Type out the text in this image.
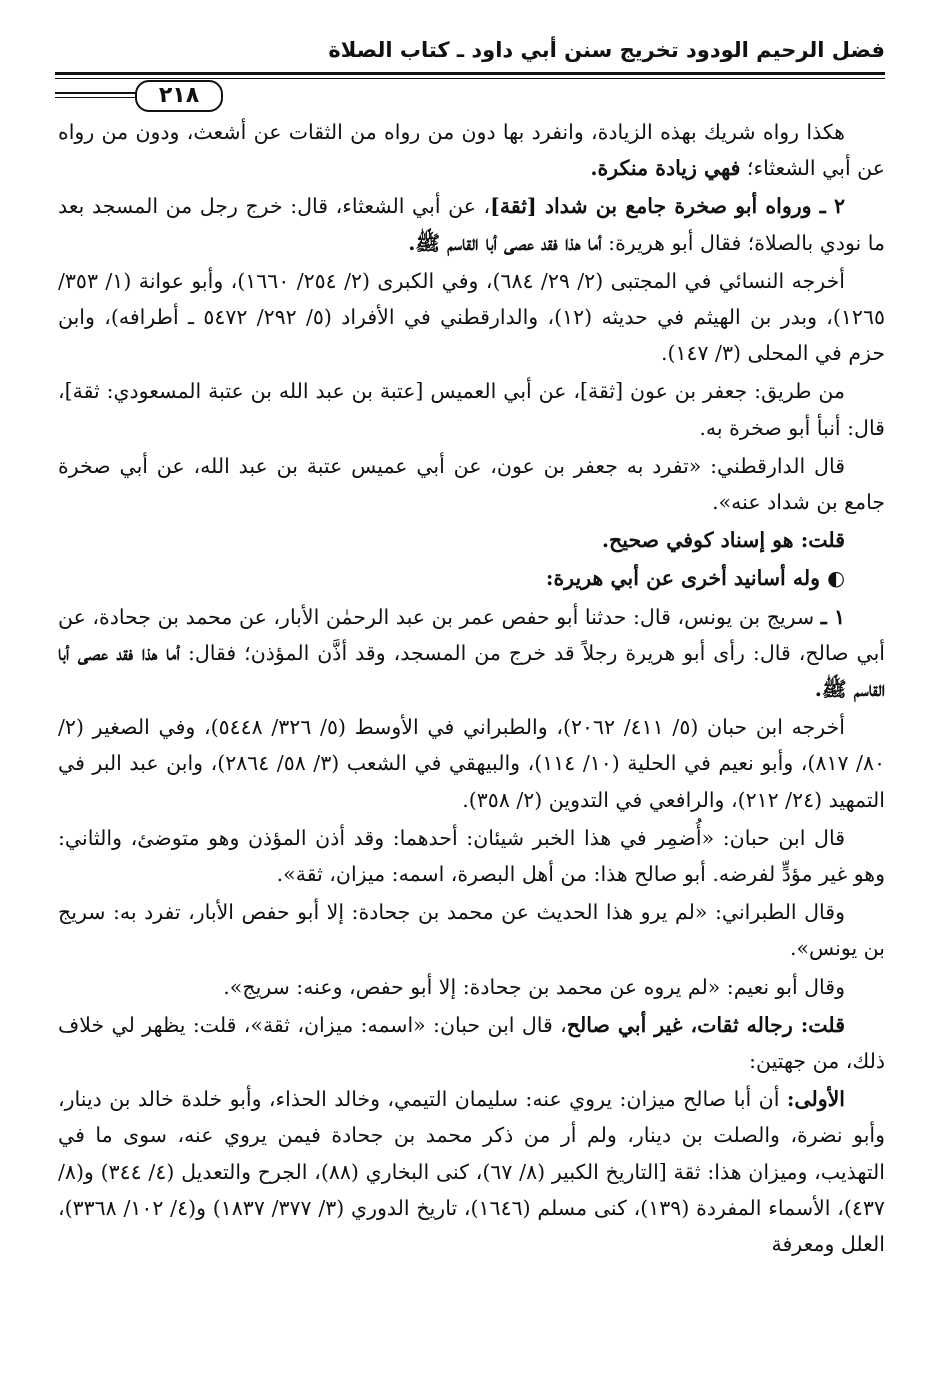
فضل الرحيم الودود تخريج سنن أبي داود ـ كتاب الصلاة
٢١٨

هكذا رواه شريك بهذه الزيادة، وانفرد بها دون من رواه من الثقات عن أشعث، ودون من رواه عن أبي الشعثاء؛ فهي زيادة منكرة.

٢ ـ ورواه أبو صخرة جامع بن شداد [ثقة]، عن أبي الشعثاء، قال: خرج رجل من المسجد بعد ما نودي بالصلاة؛ فقال أبو هريرة: أما هذا فقد عصى أبا القاسم ﷺ.

أخرجه النسائي في المجتبى (٢/ ٢٩/ ٦٨٤)، وفي الكبرى (٢/ ٢٥٤/ ١٦٦٠)، وأبو عوانة (١/ ٣٥٣/ ١٢٦٥)، وبدر بن الهيثم في حديثه (١٢)، والدارقطني في الأفراد (٥/ ٢٩٢/ ٥٤٧٢ ـ أطرافه)، وابن حزم في المحلى (٣/ ١٤٧).

من طريق: جعفر بن عون [ثقة]، عن أبي العميس [عتبة بن عبد الله بن عتبة المسعودي: ثقة]، قال: أنبأ أبو صخرة به.

قال الدارقطني: «تفرد به جعفر بن عون، عن أبي عميس عتبة بن عبد الله، عن أبي صخرة جامع بن شداد عنه».

قلت: هو إسناد كوفي صحيح.

◐ وله أسانيد أخرى عن أبي هريرة:

١ ـ سريج بن يونس، قال: حدثنا أبو حفص عمر بن عبد الرحمٰن الأبار، عن محمد بن جحادة، عن أبي صالح، قال: رأى أبو هريرة رجلاً قد خرج من المسجد، وقد أذَّن المؤذن؛ فقال: أما هذا فقد عصى أبا القاسم ﷺ.

أخرجه ابن حبان (٥/ ٤١١/ ٢٠٦٢)، والطبراني في الأوسط (٥/ ٣٢٦/ ٥٤٤٨)، وفي الصغير (٢/ ٨٠/ ٨١٧)، وأبو نعيم في الحلية (١٠/ ١١٤)، والبيهقي في الشعب (٣/ ٥٨/ ٢٨٦٤)، وابن عبد البر في التمهيد (٢٤/ ٢١٢)، والرافعي في التدوين (٢/ ٣٥٨).

قال ابن حبان: «أُضمِر في هذا الخبر شيئان: أحدهما: وقد أذن المؤذن وهو متوضئ، والثاني: وهو غير مؤدٍّ لفرضه. أبو صالح هذا: من أهل البصرة، اسمه: ميزان، ثقة».

وقال الطبراني: «لم يرو هذا الحديث عن محمد بن جحادة: إلا أبو حفص الأبار، تفرد به: سريج بن يونس».

وقال أبو نعيم: «لم يروه عن محمد بن جحادة: إلا أبو حفص، وعنه: سريج».

قلت: رجاله ثقات، غير أبي صالح، قال ابن حبان: «اسمه: ميزان، ثقة»، قلت: يظهر لي خلاف ذلك، من جهتين:

الأولى: أن أبا صالح ميزان: يروي عنه: سليمان التيمي، وخالد الحذاء، وأبو خلدة خالد بن دينار، وأبو نضرة، والصلت بن دينار، ولم أر من ذكر محمد بن جحادة فيمن يروي عنه، سوى ما في التهذيب، وميزان هذا: ثقة [التاريخ الكبير (٨/ ٦٧)، كنى البخاري (٨٨)، الجرح والتعديل (٤/ ٣٤٤) و(٨/ ٤٣٧)، الأسماء المفردة (١٣٩)، كنى مسلم (١٦٤٦)، تاريخ الدوري (٣/ ٣٧٧/ ١٨٣٧) و(٤/ ١٠٢/ ٣٣٦٨)، العلل ومعرفة
